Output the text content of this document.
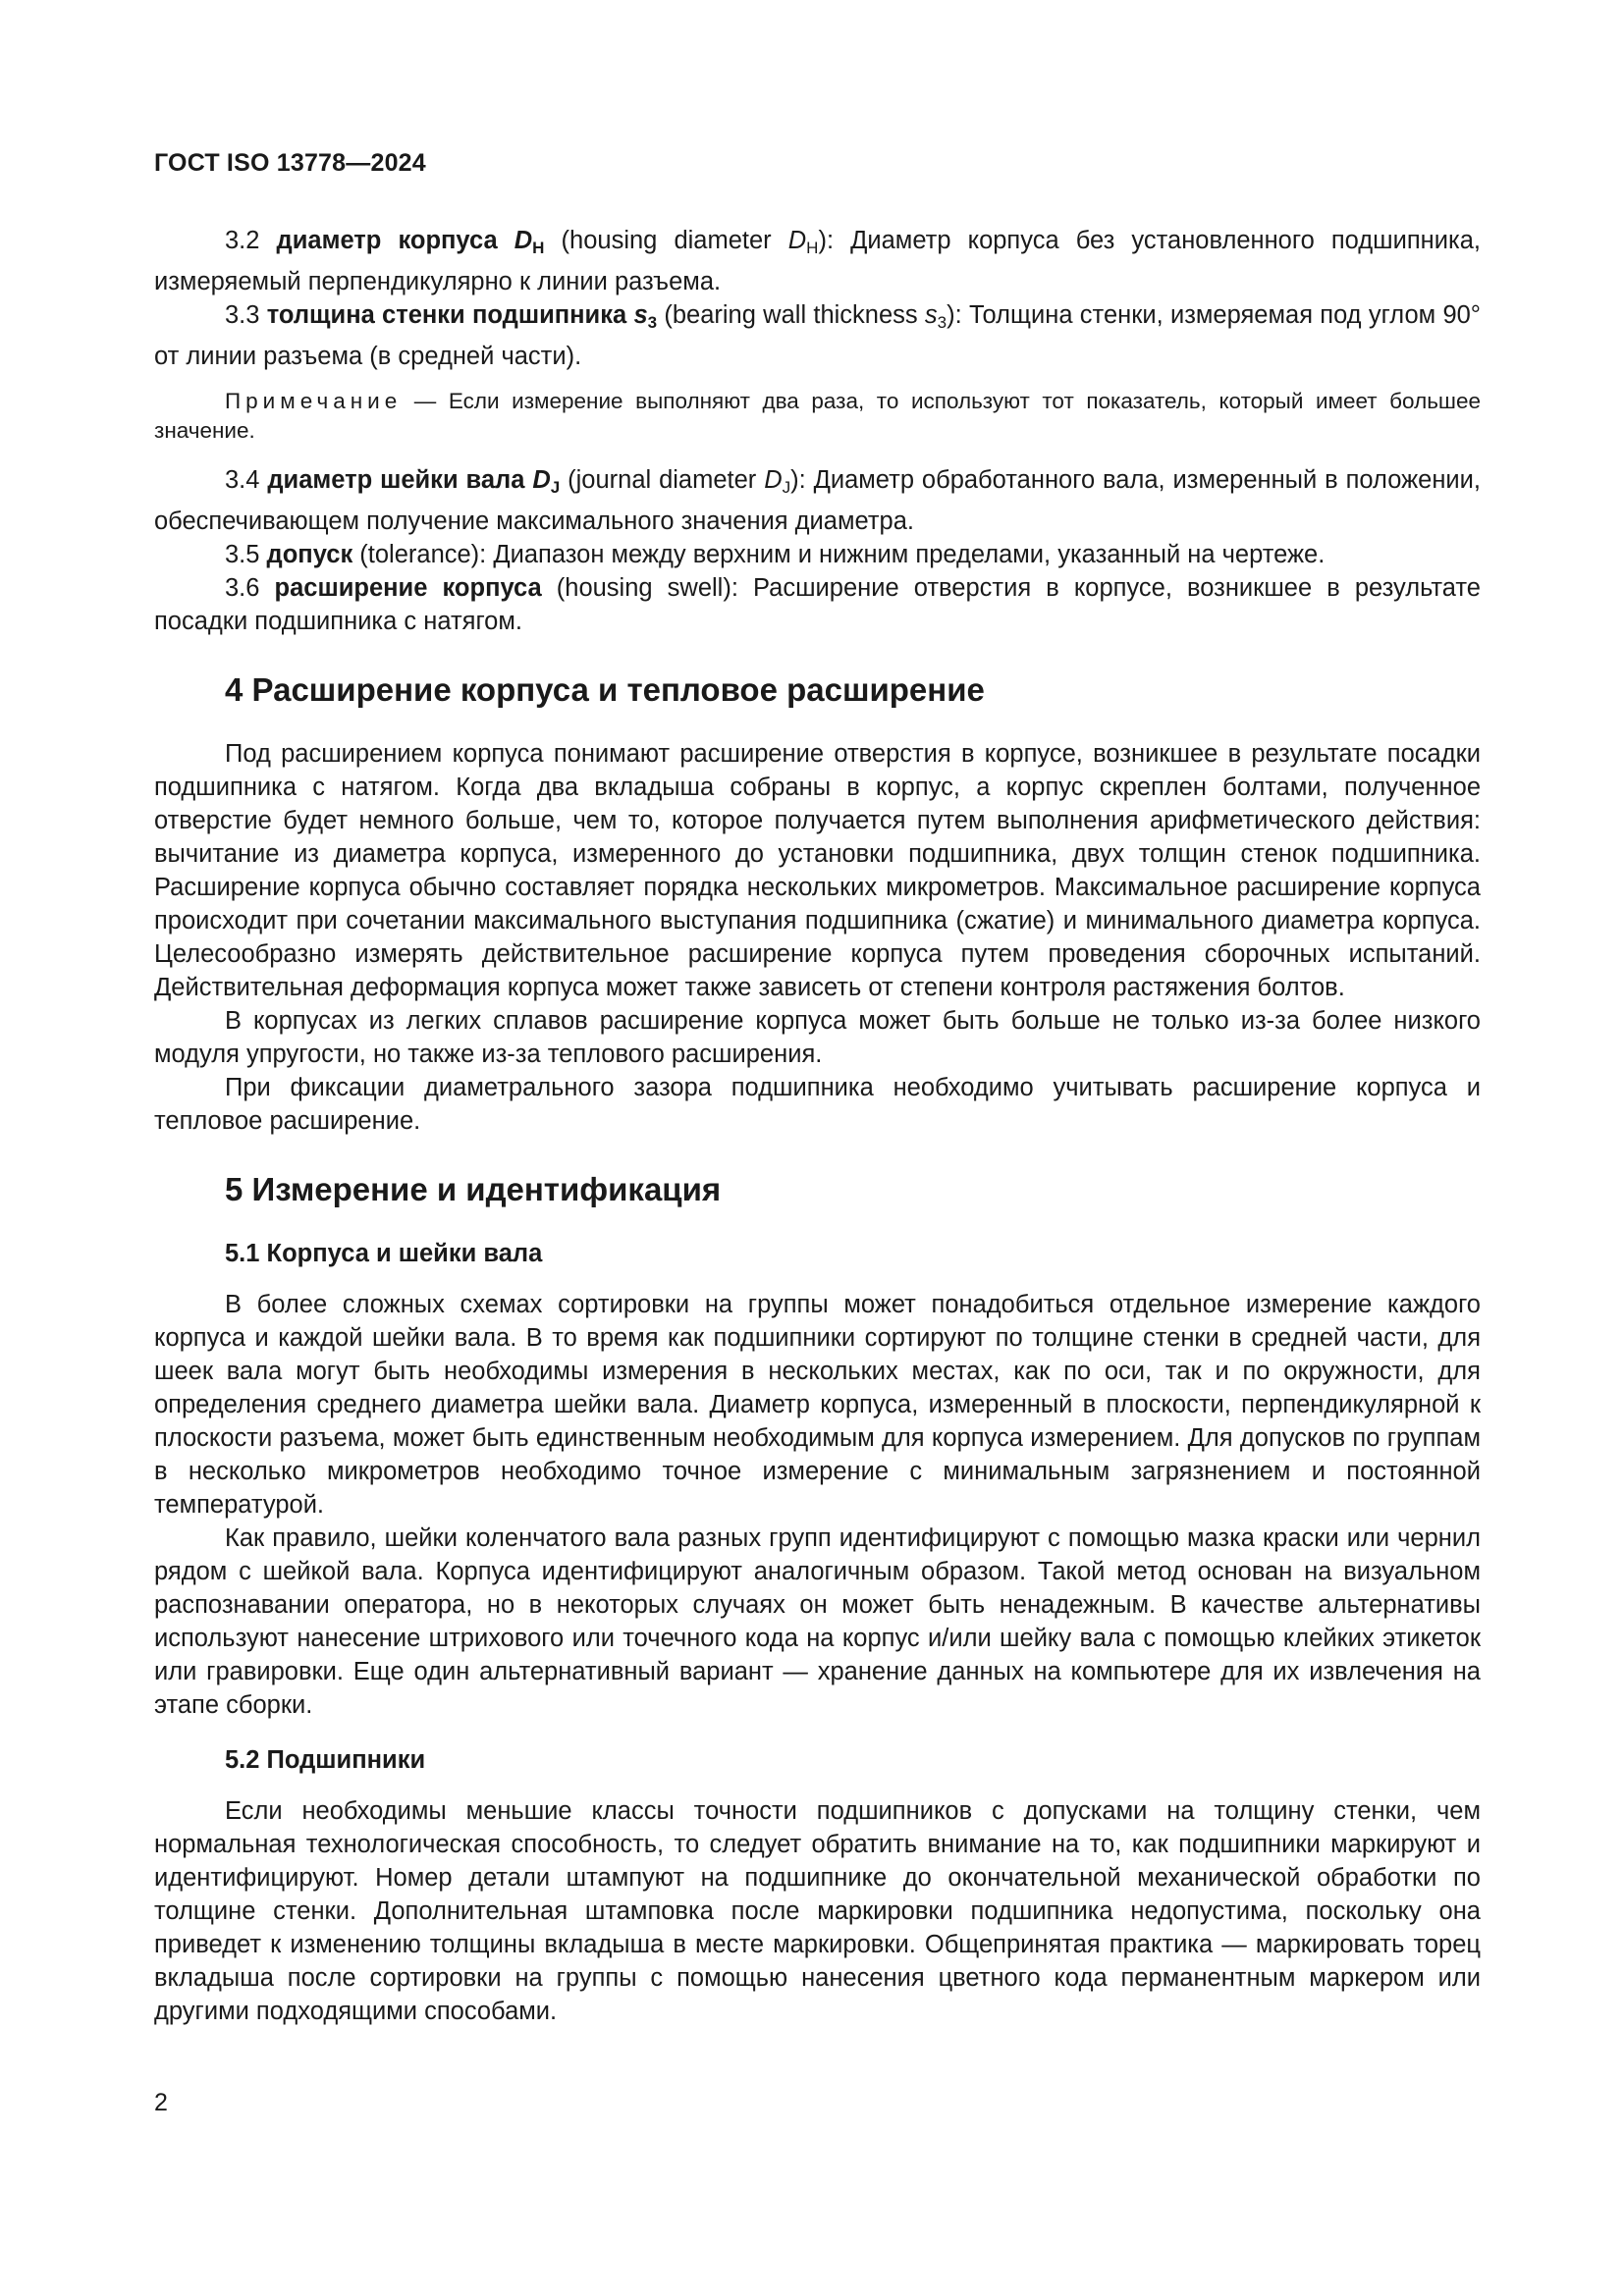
ГОСТ ISO 13778—2024

3.2 диаметр корпуса $D_H$ (housing diameter DH): Диаметр корпуса без установленного подшипника, измеряемый перпендикулярно к линии разъема.

3.3 толщина стенки подшипника $s_3$ (bearing wall thickness s3): Толщина стенки, измеряемая под углом 90° от линии разъема (в средней части).

Примечание — Если измерение выполняют два раза, то используют тот показатель, который имеет большее значение.

3.4 диаметр шейки вала $D_J$ (journal diameter DJ): Диаметр обработанного вала, измеренный в положении, обеспечивающем получение максимального значения диаметра.

3.5 допуск (tolerance): Диапазон между верхним и нижним пределами, указанный на чертеже.

3.6 расширение корпуса (housing swell): Расширение отверстия в корпусе, возникшее в результате посадки подшипника с натягом.

4 Расширение корпуса и тепловое расширение

Под расширением корпуса понимают расширение отверстия в корпусе, возникшее в результате посадки подшипника с натягом. Когда два вкладыша собраны в корпус, а корпус скреплен болтами, полученное отверстие будет немного больше, чем то, которое получается путем выполнения арифметического действия: вычитание из диаметра корпуса, измеренного до установки подшипника, двух толщин стенок подшипника. Расширение корпуса обычно составляет порядка нескольких микрометров. Максимальное расширение корпуса происходит при сочетании максимального выступания подшипника (сжатие) и минимального диаметра корпуса. Целесообразно измерять действительное расширение корпуса путем проведения сборочных испытаний. Действительная деформация корпуса может также зависеть от степени контроля растяжения болтов.

В корпусах из легких сплавов расширение корпуса может быть больше не только из-за более низкого модуля упругости, но также из-за теплового расширения.

При фиксации диаметрального зазора подшипника необходимо учитывать расширение корпуса и тепловое расширение.

5 Измерение и идентификация
5.1 Корпуса и шейки вала

В более сложных схемах сортировки на группы может понадобиться отдельное измерение каждого корпуса и каждой шейки вала. В то время как подшипники сортируют по толщине стенки в средней части, для шеек вала могут быть необходимы измерения в нескольких местах, как по оси, так и по окружности, для определения среднего диаметра шейки вала. Диаметр корпуса, измеренный в плоскости, перпендикулярной к плоскости разъема, может быть единственным необходимым для корпуса измерением. Для допусков по группам в несколько микрометров необходимо точное измерение с минимальным загрязнением и постоянной температурой.

Как правило, шейки коленчатого вала разных групп идентифицируют с помощью мазка краски или чернил рядом с шейкой вала. Корпуса идентифицируют аналогичным образом. Такой метод основан на визуальном распознавании оператора, но в некоторых случаях он может быть ненадежным. В качестве альтернативы используют нанесение штрихового или точечного кода на корпус и/или шейку вала с помощью клейких этикеток или гравировки. Еще один альтернативный вариант — хранение данных на компьютере для их извлечения на этапе сборки.

5.2 Подшипники

Если необходимы меньшие классы точности подшипников с допусками на толщину стенки, чем нормальная технологическая способность, то следует обратить внимание на то, как подшипники маркируют и идентифицируют. Номер детали штампуют на подшипнике до окончательной механической обработки по толщине стенки. Дополнительная штамповка после маркировки подшипника недопустима, поскольку она приведет к изменению толщины вкладыша в месте маркировки. Общепринятая практика — маркировать торец вкладыша после сортировки на группы с помощью нанесения цветного кода перманентным маркером или другими подходящими способами.

2
